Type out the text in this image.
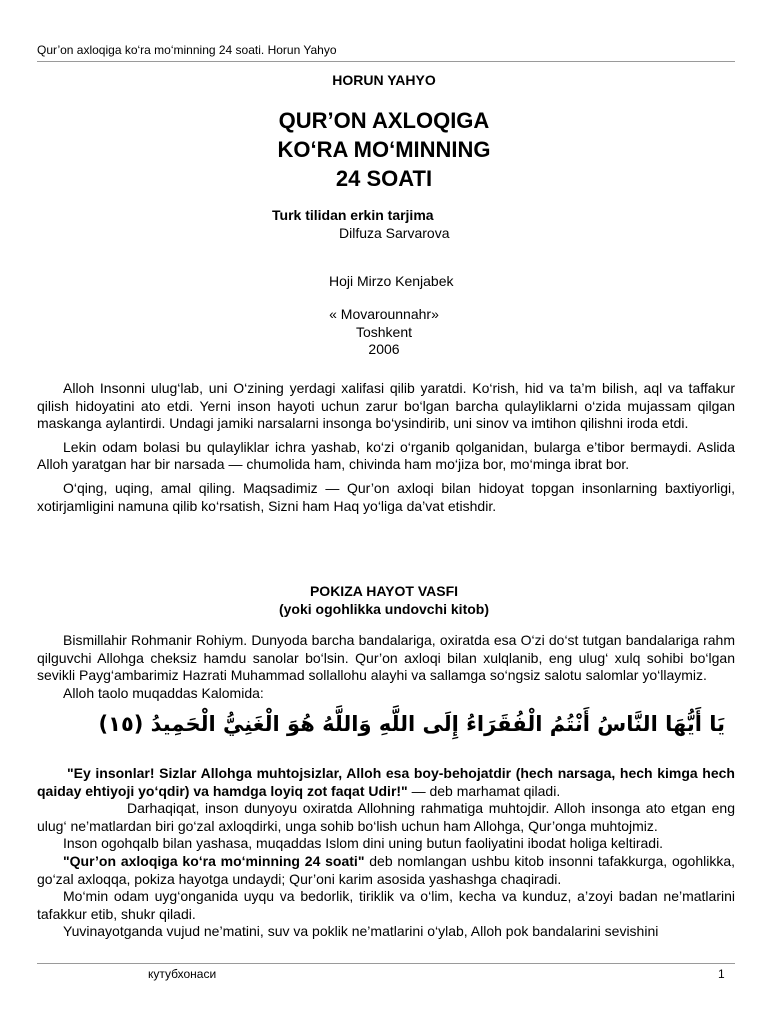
Qur’on axloqiga ko‘ra mo‘minning 24 soati. Horun Yahyo
HORUN YAHYO
QUR’ON AXLOQIGA
KO‘RA MO‘MINNING
24 SOATI
Turk tilidan erkin tarjima
Dilfuza Sarvarova
Hoji Mirzo Kenjabek
« Movarounnahr»
Toshkent
2006

Alloh Insonni ulug‘lab, uni O‘zining yerdagi xalifasi qilib yaratdi. Ko‘rish, hid va ta’m bilish, aql va taffakur qilish hidoyatini ato etdi. Yerni inson hayoti uchun zarur bo‘lgan barcha qulayliklarni o‘zida mujassam qilgan maskanga aylantirdi. Undagi jamiki narsalarni insonga bo‘ysindirib, uni sinov va imtihon qilishni iroda etdi.

Lekin odam bolasi bu qulayliklar ichra yashab, ko‘zi o‘rganib qolganidan, bularga e’tibor bermaydi. Aslida Alloh yaratgan har bir narsada — chumolida ham, chivinda ham mo‘jiza bor, mo‘minga ibrat bor.

O‘qing, uqing, amal qiling. Maqsadimiz — Qur’on axloqi bilan hidoyat topgan insonlarning baxtiyorligi, xotirjamligini namuna qilib ko‘rsatish, Sizni ham Haq yo‘liga da’vat etishdir.

POKIZA HAYOT VASFI
(yoki ogohlikka undovchi kitob)

Bismillahir Rohmanir Rohiym. Dunyoda barcha bandalariga, oxiratda esa O‘zi do‘st tutgan bandalariga rahm qilguvchi Allohga cheksiz hamdu sanolar bo‘lsin. Qur’on axloqi bilan xulqlanib, eng ulug‘ xulq sohibi bo‘lgan sevikli Payg‘ambarimiz Hazrati Muhammad sollallohu alayhi va sallamga so‘ngsiz salotu salomlar yo‘llaymiz.

Alloh taolo muqaddas Kalomida:

يَا أَيُّهَا النَّاسُ أَنْتُمُ الْفُقَرَاءُ إِلَى اللَّهِ وَاللَّهُ هُوَ الْغَنِيُّ الْحَمِيدُ (١٥)

"Ey insonlar! Sizlar Allohga muhtojsizlar, Alloh esa boy-behojatdir (hech narsaga, hech kimga hech qaiday ehtiyoji yo‘qdir) va hamdga loyiq zot faqat Udir!" — deb marhamat qiladi.

Darhaqiqat, inson dunyoyu oxiratda Allohning rahmatiga muhtojdir. Alloh insonga ato etgan eng ulug‘ ne’matlardan biri go‘zal axloqdirki, unga sohib bo‘lish uchun ham Allohga, Qur’onga muhtojmiz.

Inson ogohqalb bilan yashasa, muqaddas Islom dini uning butun faoliyatini ibodat holiga keltiradi.

"Qur’on axloqiga ko‘ra mo‘minning 24 soati" deb nomlangan ushbu kitob insonni tafakkurga, ogohlikka, go‘zal axloqqa, pokiza hayotga undaydi; Qur’oni karim asosida yashashga chaqiradi.

Mo‘min odam uyg‘onganida uyqu va bedorlik, tiriklik va o‘lim, kecha va kunduz, a’zoyi badan ne’matlarini tafakkur etib, shukr qiladi.

Yuvinayotganda vujud ne’matini, suv va poklik ne’matlarini o‘ylab, Alloh pok bandalarini sevishini

кутубхонаси	1
